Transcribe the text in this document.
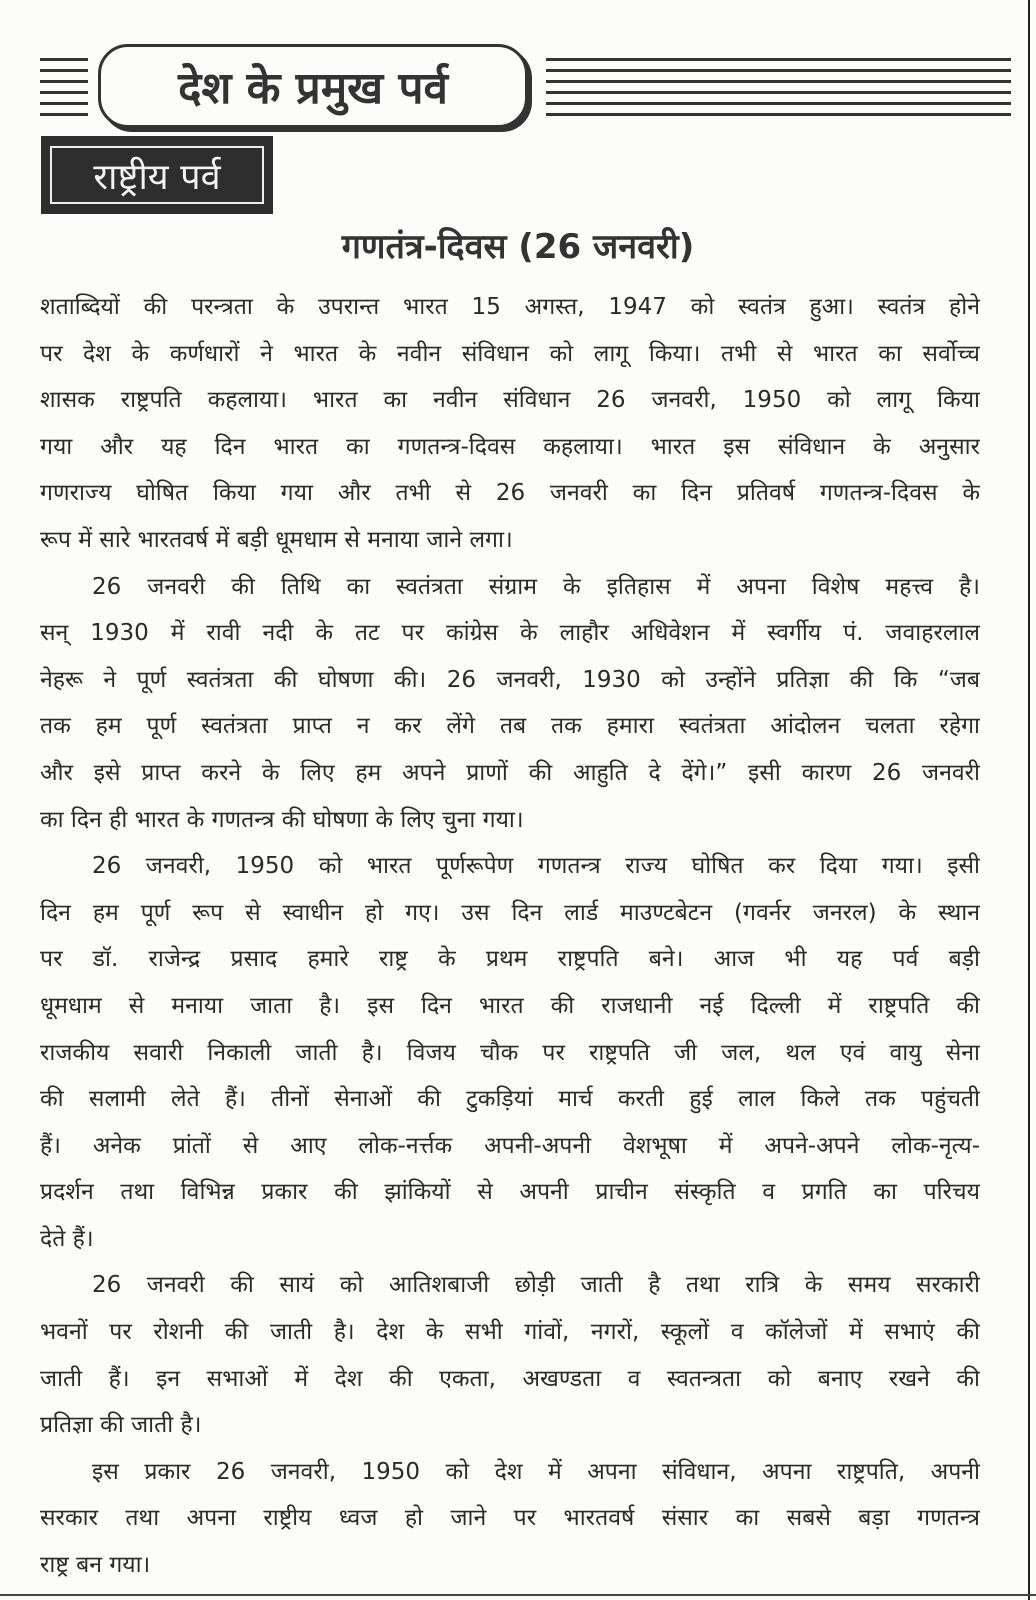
देश के प्रमुख पर्व
राष्ट्रीय पर्व
गणतंत्र-दिवस (26 जनवरी)
शताब्दियों की परन्त्रता के उपरान्त भारत 15 अगस्त, 1947 को स्वतंत्र हुआ। स्वतंत्र होने
पर देश के कर्णधारों ने भारत के नवीन संविधान को लागू किया। तभी से भारत का सर्वोच्च
शासक राष्ट्रपति कहलाया। भारत का नवीन संविधान 26 जनवरी, 1950 को लागू किया
गया और यह दिन भारत का गणतन्त्र-दिवस कहलाया। भारत इस संविधान के अनुसार
गणराज्य घोषित किया गया और तभी से 26 जनवरी का दिन प्रतिवर्ष गणतन्त्र-दिवस के
रूप में सारे भारतवर्ष में बड़ी धूमधाम से मनाया जाने लगा।
26 जनवरी की तिथि का स्वतंत्रता संग्राम के इतिहास में अपना विशेष महत्त्व है।
सन् 1930 में रावी नदी के तट पर कांग्रेस के लाहौर अधिवेशन में स्वर्गीय पं. जवाहरलाल
नेहरू ने पूर्ण स्वतंत्रता की घोषणा की। 26 जनवरी, 1930 को उन्होंने प्रतिज्ञा की कि “जब
तक हम पूर्ण स्वतंत्रता प्राप्त न कर लेंगे तब तक हमारा स्वतंत्रता आंदोलन चलता रहेगा
और इसे प्राप्त करने के लिए हम अपने प्राणों की आहुति दे देंगे।” इसी कारण 26 जनवरी
का दिन ही भारत के गणतन्त्र की घोषणा के लिए चुना गया।
26 जनवरी, 1950 को भारत पूर्णरूपेण गणतन्त्र राज्य घोषित कर दिया गया। इसी
दिन हम पूर्ण रूप से स्वाधीन हो गए। उस दिन लार्ड माउण्टबेटन (गवर्नर जनरल) के स्थान
पर डॉ. राजेन्द्र प्रसाद हमारे राष्ट्र के प्रथम राष्ट्रपति बने। आज भी यह पर्व बड़ी
धूमधाम से मनाया जाता है। इस दिन भारत की राजधानी नई दिल्ली में राष्ट्रपति की
राजकीय सवारी निकाली जाती है। विजय चौक पर राष्ट्रपति जी जल, थल एवं वायु सेना
की सलामी लेते हैं। तीनों सेनाओं की टुकड़ियां मार्च करती हुई लाल किले तक पहुंचती
हैं। अनेक प्रांतों से आए लोक-नर्त्तक अपनी-अपनी वेशभूषा में अपने-अपने लोक-नृत्य-
प्रदर्शन तथा विभिन्न प्रकार की झांकियों से अपनी प्राचीन संस्कृति व प्रगति का परिचय
देते हैं।
26 जनवरी की सायं को आतिशबाजी छोड़ी जाती है तथा रात्रि के समय सरकारी
भवनों पर रोशनी की जाती है। देश के सभी गांवों, नगरों, स्कूलों व कॉलेजों में सभाएं की
जाती हैं। इन सभाओं में देश की एकता, अखण्डता व स्वतन्त्रता को बनाए रखने की
प्रतिज्ञा की जाती है।
इस प्रकार 26 जनवरी, 1950 को देश में अपना संविधान, अपना राष्ट्रपति, अपनी
सरकार तथा अपना राष्ट्रीय ध्वज हो जाने पर भारतवर्ष संसार का सबसे बड़ा गणतन्त्र
राष्ट्र बन गया।
